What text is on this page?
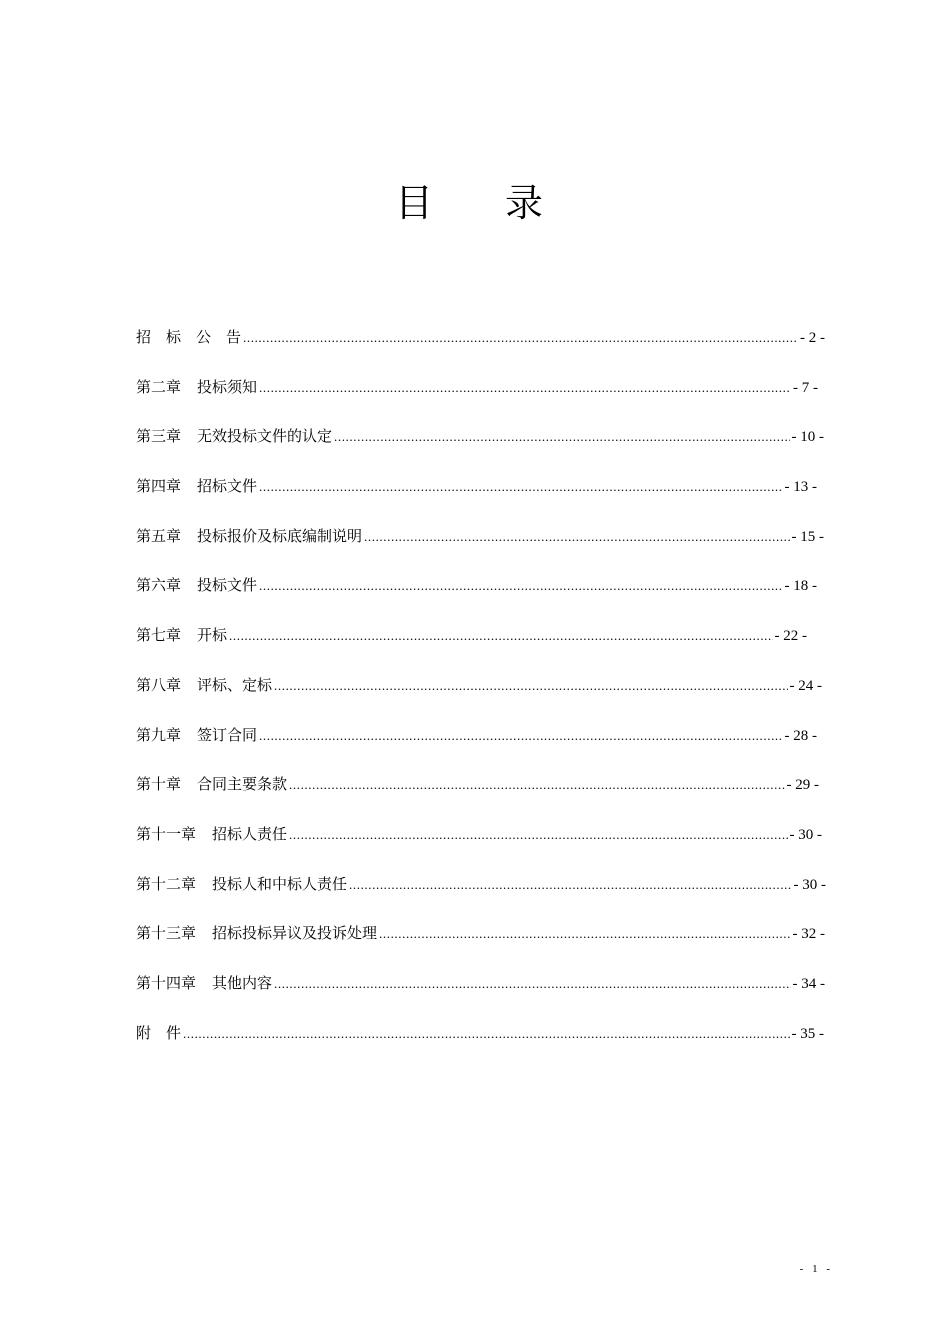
目 录
招　标　公　告 .....	- 2 -
第二章 投标须知 .....	- 7 -
第三章 无效投标文件的认定 .....	- 10 -
第四章 招标文件 .....	- 13 -
第五章 投标报价及标底编制说明 .....	- 15 -
第六章 投标文件 .....	- 18 -
第七章 开标 .....	- 22 -
第八章 评标、定标 .....	- 24 -
第九章 签订合同 .....	- 28 -
第十章 合同主要条款 .....	- 29 -
第十一章 招标人责任 .....	- 30 -
第十二章 投标人和中标人责任 .....	- 30 -
第十三章 招标投标异议及投诉处理 .....	- 32 -
第十四章 其他内容 .....	- 34 -
附　件 .....	- 35 -
- 1 -
